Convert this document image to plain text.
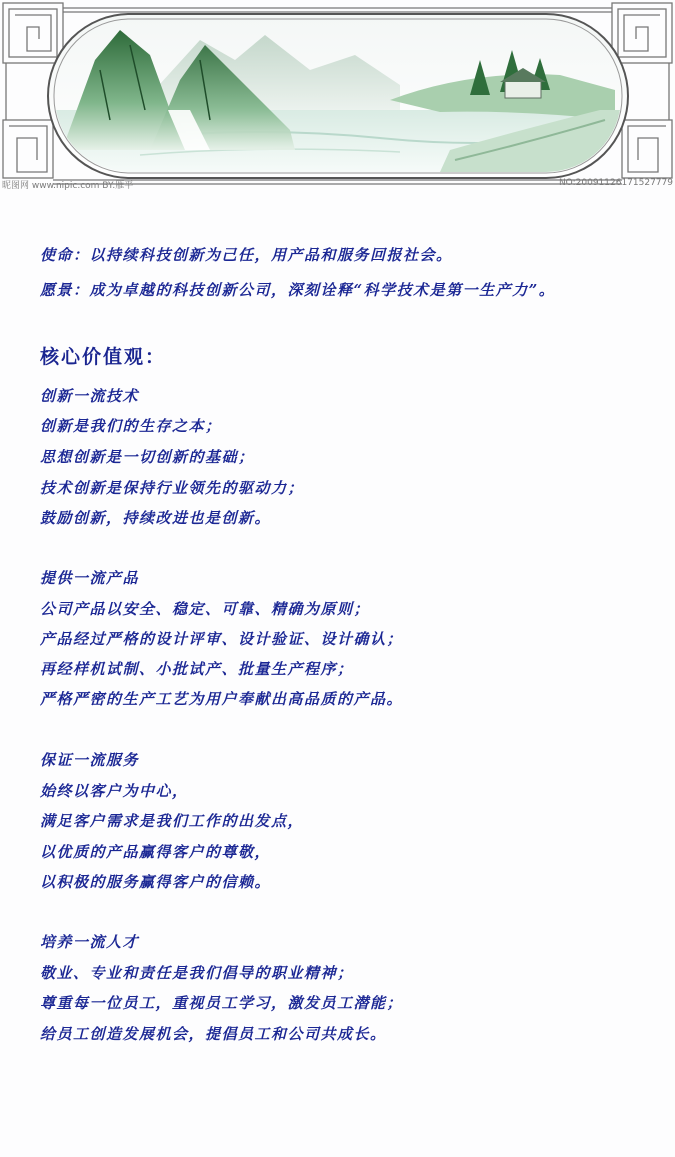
昵图网 www.nipic.com BY:雁平	NO:20091126171527779

使命：以持续科技创新为己任，用产品和服务回报社会。

愿景：成为卓越的科技创新公司，深刻诠释“科学技术是第一生产力”。

核心价值观：

创新一流技术

创新是我们的生存之本；

思想创新是一切创新的基础；

技术创新是保持行业领先的驱动力；

鼓励创新，持续改进也是创新。

提供一流产品

公司产品以安全、稳定、可靠、精确为原则；

产品经过严格的设计评审、设计验证、设计确认；

再经样机试制、小批试产、批量生产程序；

严格严密的生产工艺为用户奉献出高品质的产品。

保证一流服务

始终以客户为中心，

满足客户需求是我们工作的出发点，

以优质的产品赢得客户的尊敬，

以积极的服务赢得客户的信赖。

培养一流人才

敬业、专业和责任是我们倡导的职业精神；

尊重每一位员工，重视员工学习，激发员工潜能；

给员工创造发展机会，提倡员工和公司共成长。
